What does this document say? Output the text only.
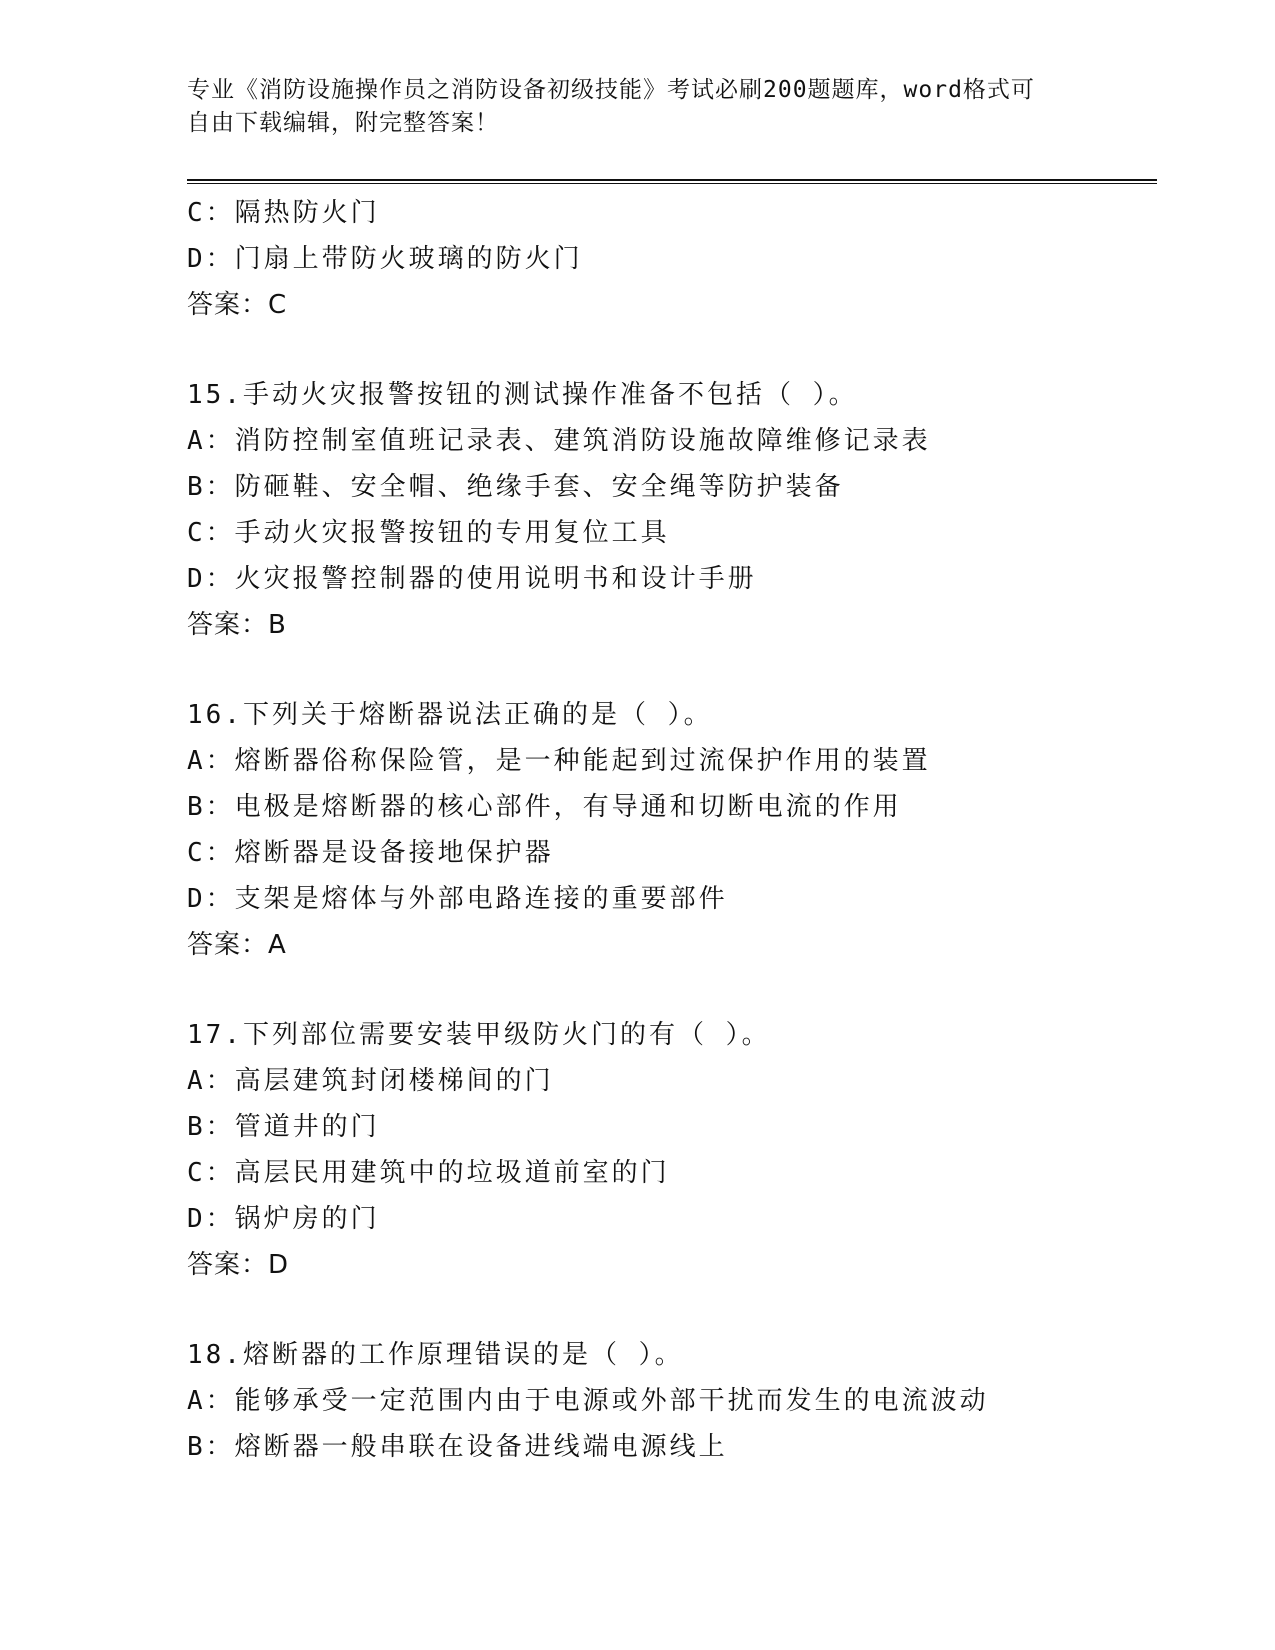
专业《消防设施操作员之消防设备初级技能》考试必刷200题题库，word格式可
自由下载编辑，附完整答案！
C：隔热防火门
D：门扇上带防火玻璃的防火门
答案：C
15.手动火灾报警按钮的测试操作准备不包括（ ）。
A：消防控制室值班记录表、建筑消防设施故障维修记录表
B：防砸鞋、安全帽、绝缘手套、安全绳等防护装备
C：手动火灾报警按钮的专用复位工具
D：火灾报警控制器的使用说明书和设计手册
答案：B
16.下列关于熔断器说法正确的是（ ）。
A：熔断器俗称保险管，是一种能起到过流保护作用的装置
B：电极是熔断器的核心部件，有导通和切断电流的作用
C：熔断器是设备接地保护器
D：支架是熔体与外部电路连接的重要部件
答案：A
17.下列部位需要安装甲级防火门的有（ ）。
A：高层建筑封闭楼梯间的门
B：管道井的门
C：高层民用建筑中的垃圾道前室的门
D：锅炉房的门
答案：D
18.熔断器的工作原理错误的是（ ）。
A：能够承受一定范围内由于电源或外部干扰而发生的电流波动
B：熔断器一般串联在设备进线端电源线上
